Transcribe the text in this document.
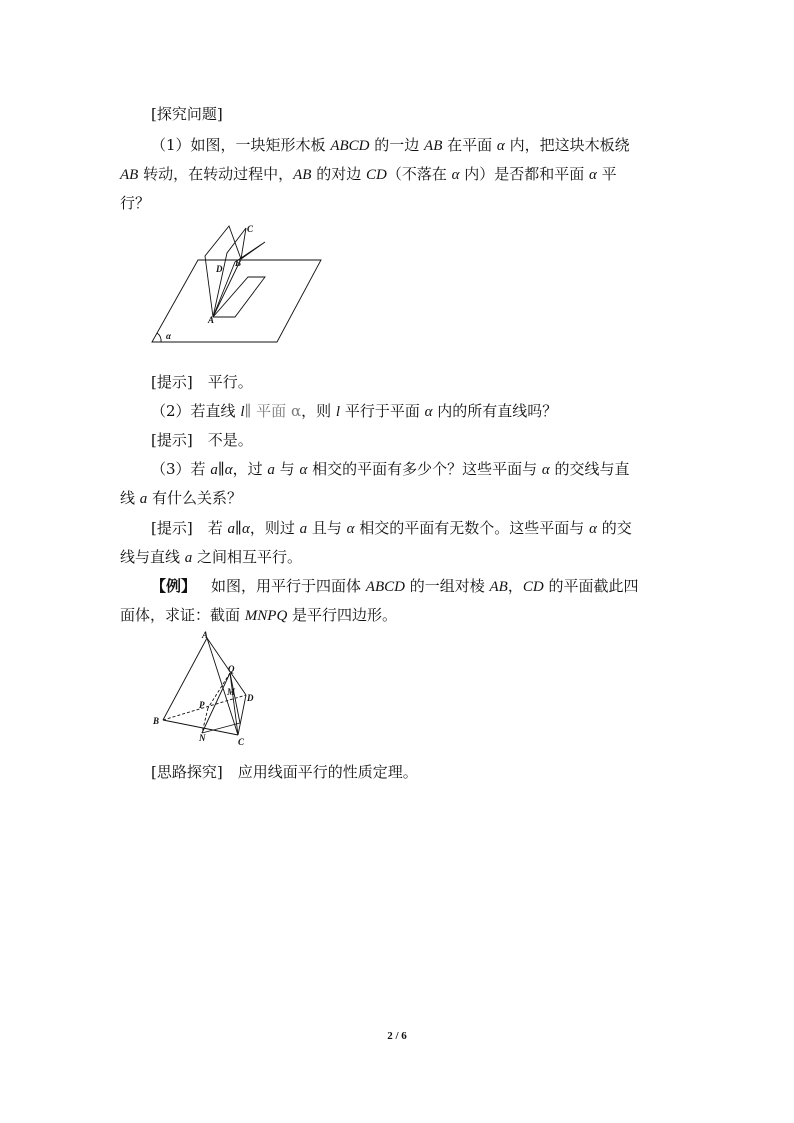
[探究问题]
（1）如图，一块矩形木板 ABCD 的一边 AB 在平面 α 内，把这块木板绕
AB 转动，在转动过程中，AB 的对边 CD（不落在 α 内）是否都和平面 α 平
行？
C
B
D
A
α
[提示]  平行。
（2）若直线 l∥ 平面 α，则 l 平行于平面 α 内的所有直线吗？
[提示]  不是。
（3）若 a∥α，过 a 与 α 相交的平面有多少个？这些平面与 α 的交线与直
线 a 有什么关系？
[提示]  若 a∥α，则过 a 且与 α 相交的平面有无数个。这些平面与 α 的交
线与直线 a 之间相互平行。
【例】  如图，用平行于四面体 ABCD 的一组对棱 AB，CD 的平面截此四
面体，求证：截面 MNPQ 是平行四边形。
A
Q
M
D
P
B
N	C
[思路探究]  应用线面平行的性质定理。
2 / 6
